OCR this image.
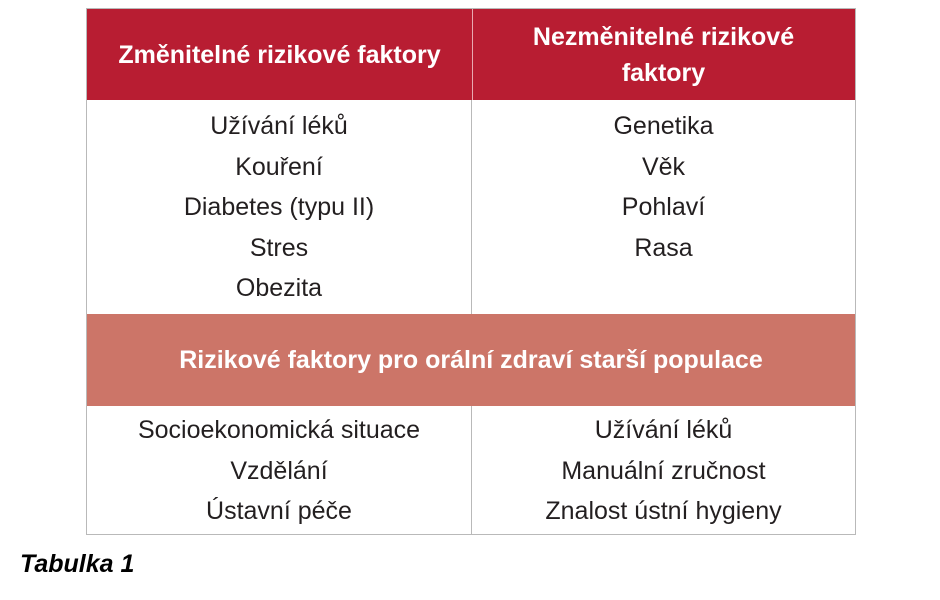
Změnitelné rizikové faktory
Nezměnitelné rizikové faktory
Užívání léků
Kouření
Diabetes (typu II)
Stres
Obezita
Genetika
Věk
Pohlaví
Rasa
Rizikové faktory pro orální zdraví starší populace
Socioekonomická situace
Vzdělání
Ústavní péče
Užívání léků
Manuální zručnost
Znalost ústní hygieny
Tabulka 1
